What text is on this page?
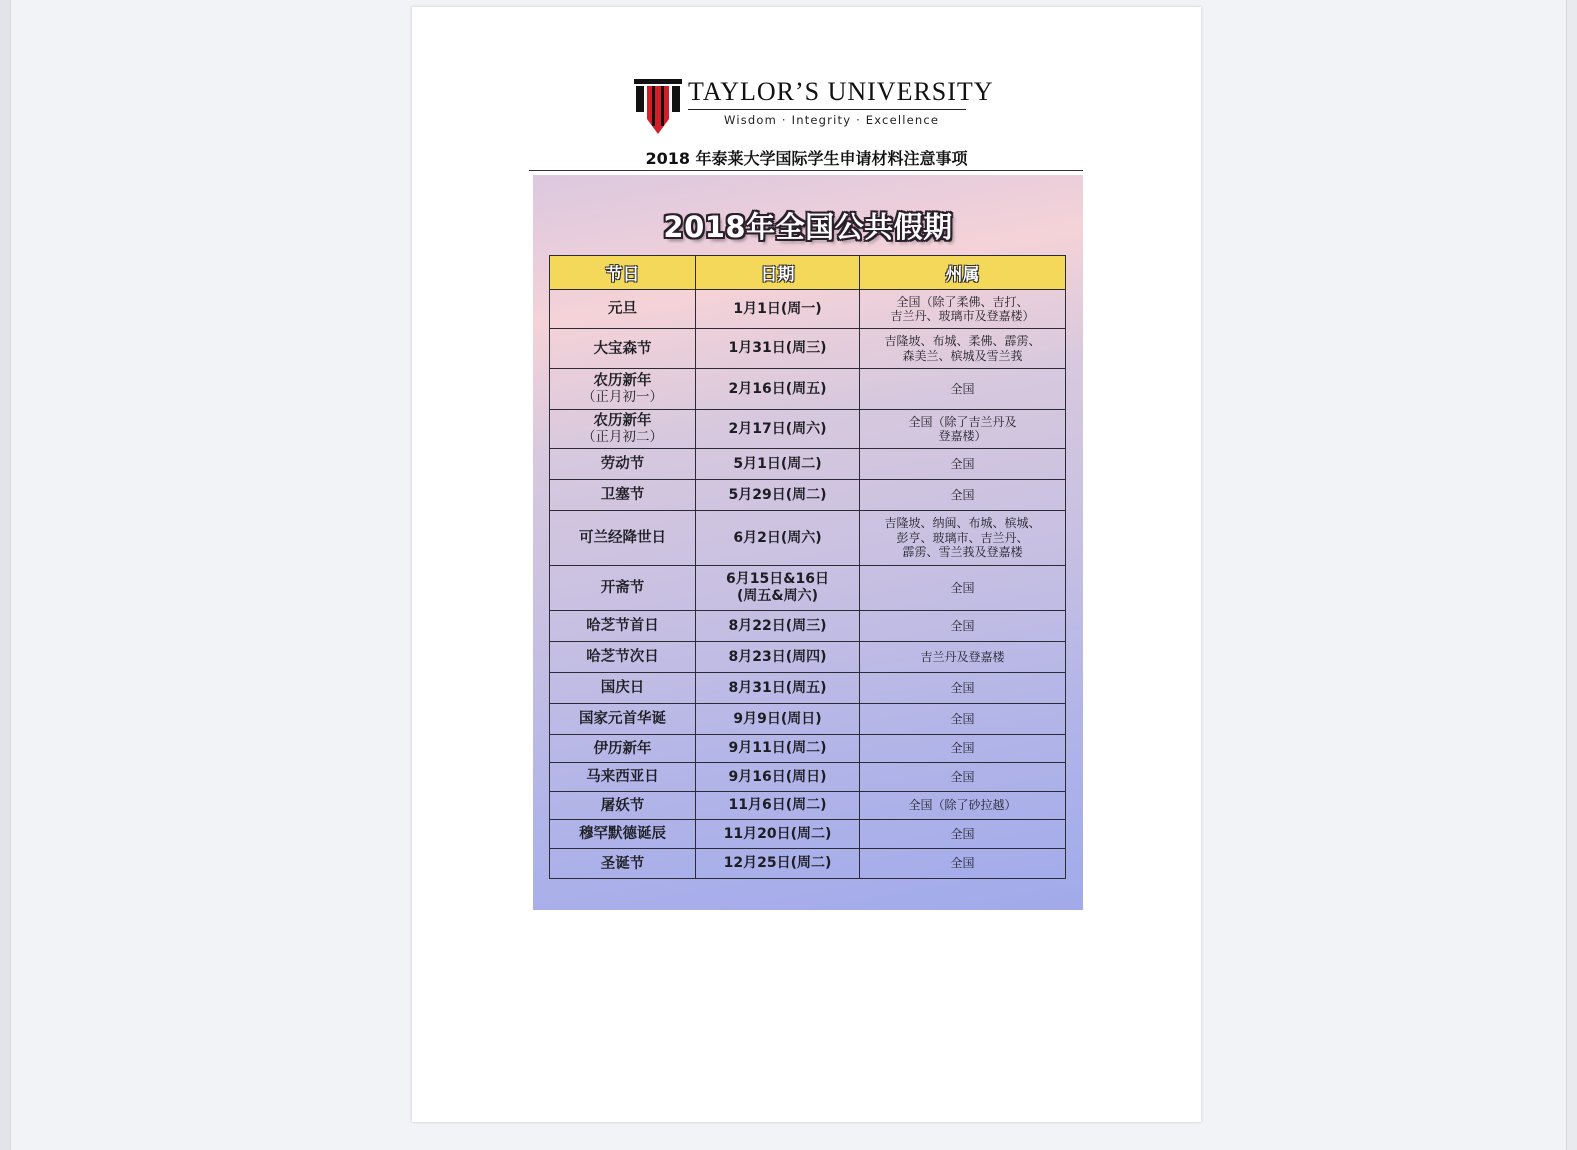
TAYLOR’S UNIVERSITY
Wisdom · Integrity · Excellence
2018 年泰莱大学国际学生申请材料注意事项
2018年全国公共假期
节日	日期	州属

元旦	1月1日(周一)	全国（除了柔佛、吉打、
吉兰丹、玻璃市及登嘉楼）

大宝森节	1月31日(周三)	吉隆坡、布城、柔佛、霹雳、
森美兰、槟城及雪兰莪

农历新年
（正月初一）	2月16日(周五)	全国

农历新年
（正月初二）	2月17日(周六)	全国（除了吉兰丹及
登嘉楼）

劳动节	5月1日(周二)	全国

卫塞节	5月29日(周二)	全国

可兰经降世日	6月2日(周六)	吉隆坡、纳闽、布城、槟城、
彭亨、玻璃市、吉兰丹、
霹雳、雪兰莪及登嘉楼

开斋节	6月15日&16日
(周五&周六)	全国

哈芝节首日	8月22日(周三)	全国

哈芝节次日	8月23日(周四)	吉兰丹及登嘉楼

国庆日	8月31日(周五)	全国

国家元首华诞	9月9日(周日)	全国

伊历新年	9月11日(周二)	全国

马来西亚日	9月16日(周日)	全国

屠妖节	11月6日(周二)	全国（除了砂拉越）

穆罕默德诞辰	11月20日(周二)	全国

圣诞节	12月25日(周二)	全国
